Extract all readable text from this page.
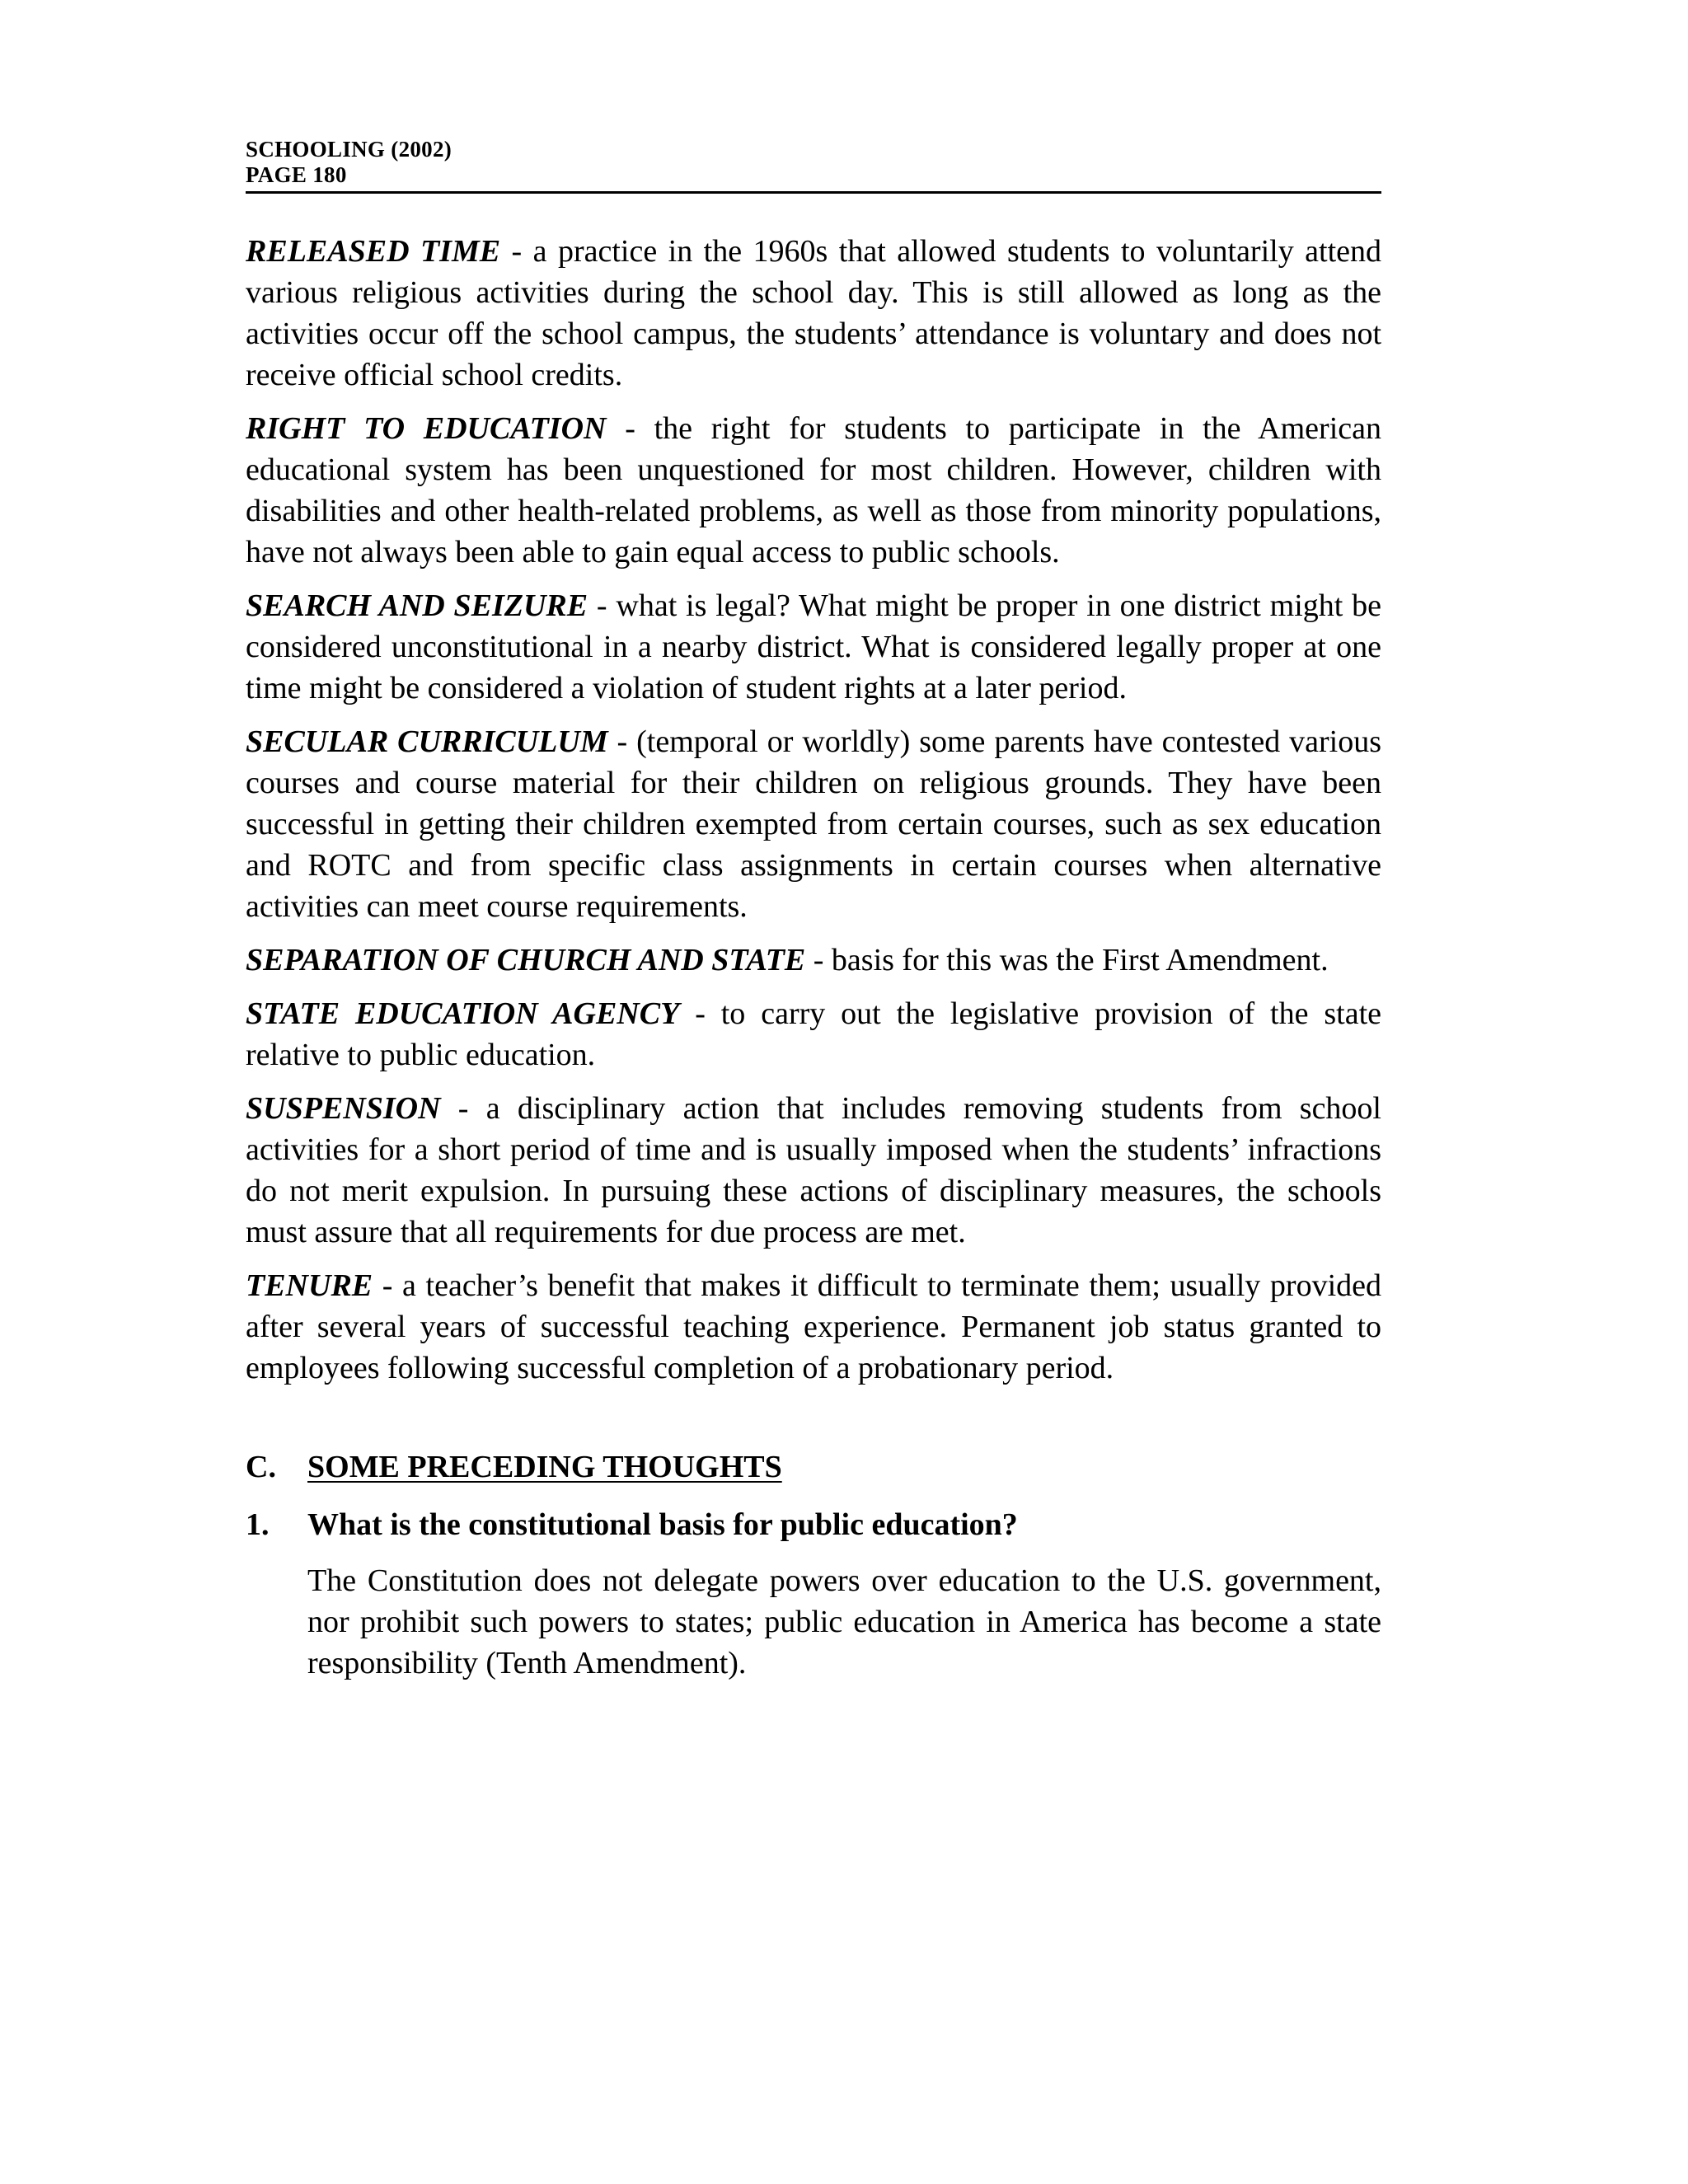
SCHOOLING (2002)
PAGE 180

RELEASED TIME - a practice in the 1960s that allowed students to voluntarily attend various religious activities during the school day. This is still allowed as long as the activities occur off the school campus, the students’ attendance is voluntary and does not receive official school credits.

RIGHT TO EDUCATION - the right for students to participate in the American educational system has been unquestioned for most children. However, children with disabilities and other health-related problems, as well as those from minority populations, have not always been able to gain equal access to public schools.

SEARCH AND SEIZURE - what is legal? What might be proper in one district might be considered unconstitutional in a nearby district. What is considered legally proper at one time might be considered a violation of student rights at a later period.

SECULAR CURRICULUM - (temporal or worldly) some parents have contested various courses and course material for their children on religious grounds. They have been successful in getting their children exempted from certain courses, such as sex education and ROTC and from specific class assignments in certain courses when alternative activities can meet course requirements.

SEPARATION OF CHURCH AND STATE - basis for this was the First Amendment.

STATE EDUCATION AGENCY - to carry out the legislative provision of the state relative to public education.

SUSPENSION - a disciplinary action that includes removing students from school activities for a short period of time and is usually imposed when the students’ infractions do not merit expulsion. In pursuing these actions of disciplinary measures, the schools must assure that all requirements for due process are met.

TENURE - a teacher’s benefit that makes it difficult to terminate them; usually provided after several years of successful teaching experience. Permanent job status granted to employees following successful completion of a probationary period.

C.	SOME PRECEDING THOUGHTS
1.	What is the constitutional basis for public education?

The Constitution does not delegate powers over education to the U.S. government, nor prohibit such powers to states; public education in America has become a state responsibility (Tenth Amendment).
